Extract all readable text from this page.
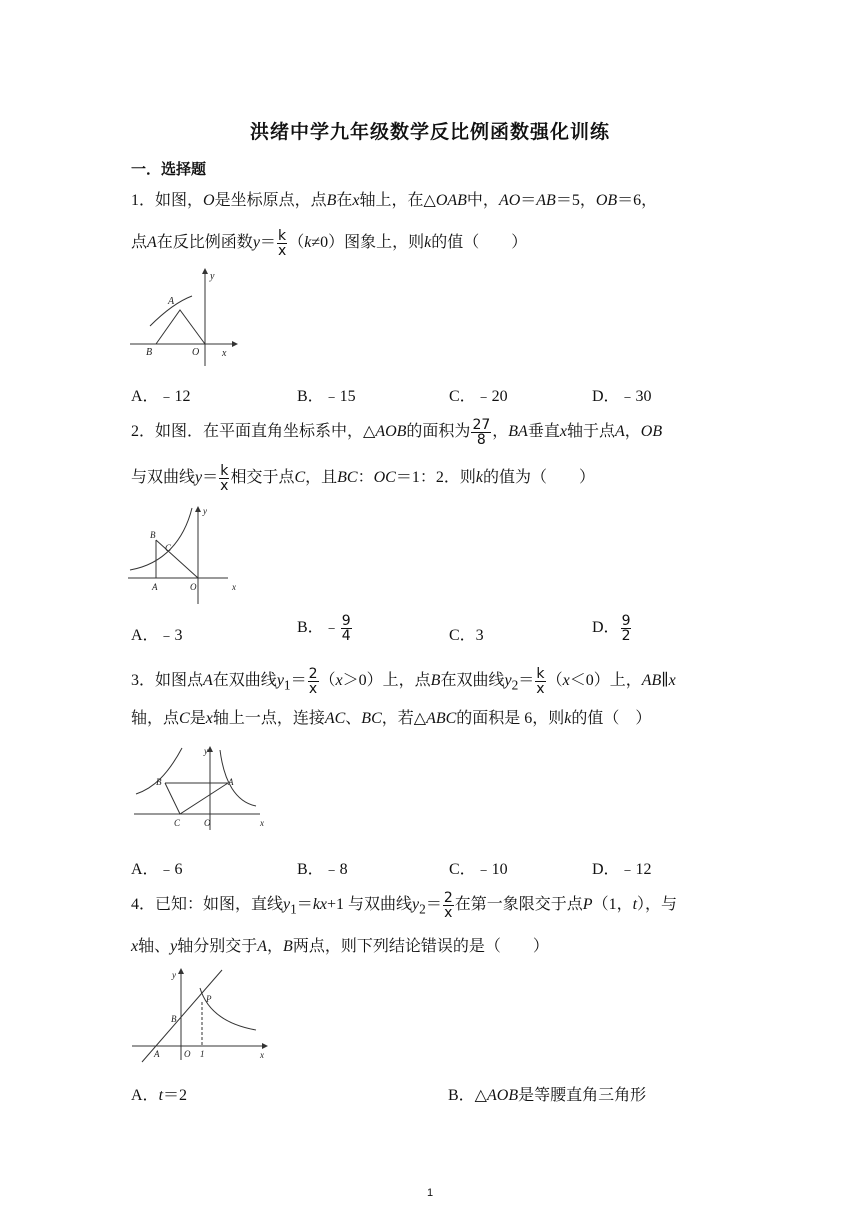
洪绪中学九年级数学反比例函数强化训练
一．选择题
1．如图，O是坐标原点，点B在x轴上，在△OAB中，AO＝AB＝5，OB＝6，
点A在反比例函数$y= \frac{k}{x} (k\ne 0)$图象上，则k的值（　　）
A
B	O x
y
A．﹣12	B．﹣15	C．﹣20	D．﹣30
2．如图．在平面直角坐标系中，△AOB的面积为 $\frac{27}{8}$ ，BA垂直x轴于点A，OB
与双曲线$y= \frac{k}{x}$ 相交于点C，且BC：OC＝1：2．则k的值为（　　）
B
C
A	O	x
y
A．﹣3	B．﹣ $\frac{9}{4}$	C．3	D． $\frac{9}{2}$
3．如图点A在双曲线$y_1= \frac{2}{x} (x>0)$上，点B在双曲线$y_2= \frac{k}{x} (x<0)$上，AB∥x
轴，点C是x轴上一点，连接AC、BC，若△ABC的面积是 6，则k的值（　）
B	A
C	O	x
y
A．﹣6	B．﹣8	C．﹣10	D．﹣12
4．已知：如图，直线$y_1=kx+1$ 与双曲线$y_2= \frac{2}{x}$ 在第一象限交于点P（1，t），与
x轴、y轴分别交于A，B两点，则下列结论错误的是（　　）
y
P
B
A	O 1	x
A．t＝2	B．△AOB是等腰直角三角形
1
